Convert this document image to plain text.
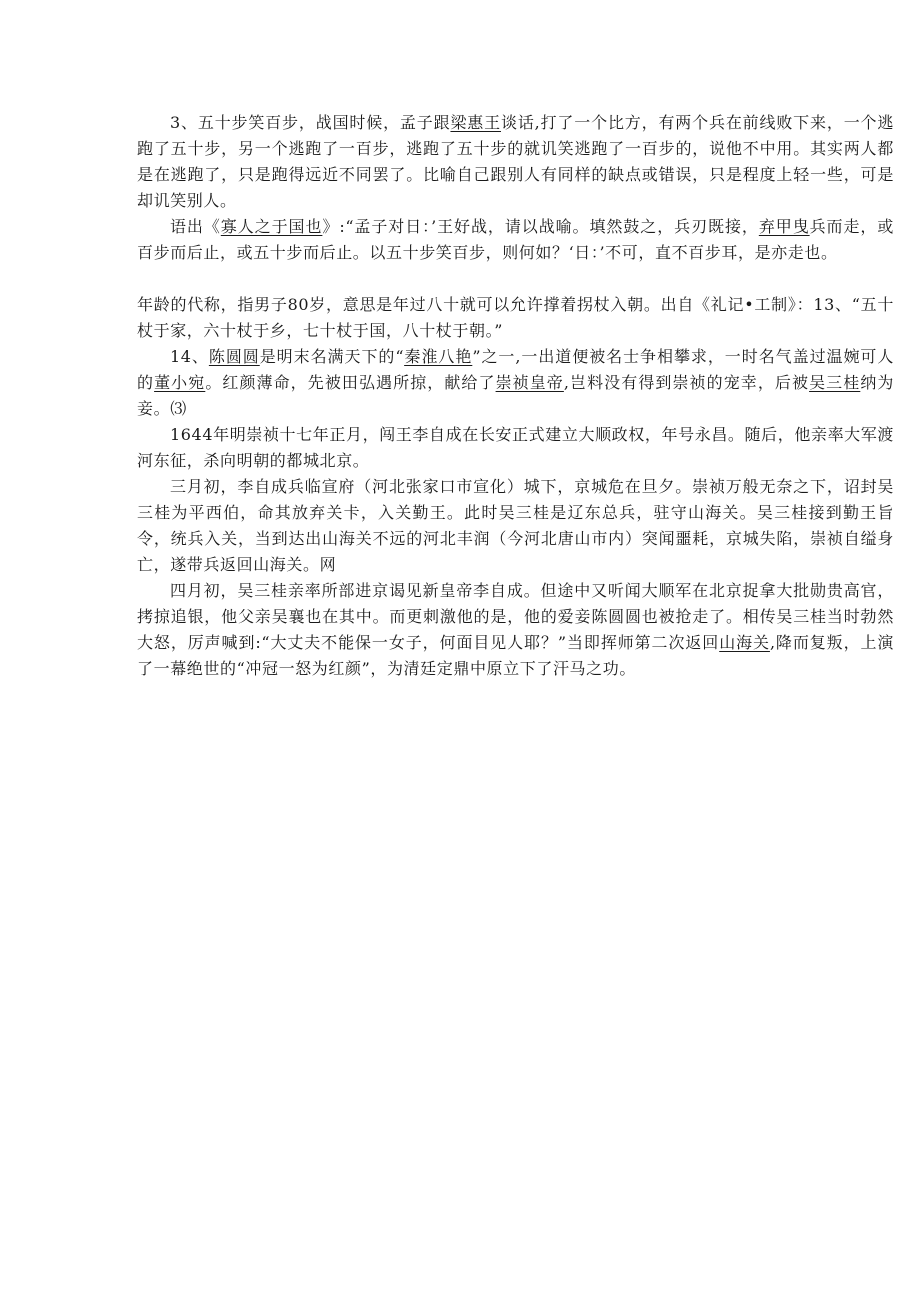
3、五十步笑百步，战国时候，孟子跟梁惠王谈话,打了一个比方，有两个兵在前线败下来，一个逃跑了五十步，另一个逃跑了一百步，逃跑了五十步的就讥笑逃跑了一百步的，说他不中用。其实两人都是在逃跑了，只是跑得远近不同罢了。比喻自己跟别人有同样的缺点或错误，只是程度上轻一些，可是却讥笑别人。

语出《寡人之于国也》:“孟子对日：’王好战，请以战喻。填然鼓之，兵刃既接，弃甲曳兵而走，或百步而后止，或五十步而后止。以五十步笑百步，则何如？‘日：’不可，直不百步耳，是亦走也。

年龄的代称，指男子80岁，意思是年过八十就可以允许撑着拐杖入朝。出自《礼记•工制》：13、“五十杖于家，六十杖于乡，七十杖于国，八十杖于朝。”

14、陈圆圆是明末名满天下的“秦淮八艳”之一,一出道便被名士争相攀求，一时名气盖过温婉可人的董小宛。红颜薄命，先被田弘遇所掠，献给了崇祯皇帝,岂料没有得到崇祯的宠幸，后被吴三桂纳为妾。⑶

1644年明崇祯十七年正月，闯王李自成在长安正式建立大顺政权，年号永昌。随后，他亲率大军渡河东征，杀向明朝的都城北京。

三月初，李自成兵临宣府（河北张家口市宣化）城下，京城危在旦夕。崇祯万般无奈之下，诏封吴三桂为平西伯，命其放弃关卡，入关勤王。此时吴三桂是辽东总兵，驻守山海关。吴三桂接到勤王旨令，统兵入关，当到达出山海关不远的河北丰润（今河北唐山市内）突闻噩耗，京城失陷，崇祯自缢身亡，遂带兵返回山海关。网

四月初，吴三桂亲率所部进京谒见新皇帝李自成。但途中又听闻大顺军在北京捉拿大批勋贵高官，拷掠追银，他父亲吴襄也在其中。而更刺激他的是，他的爱妾陈圆圆也被抢走了。相传吴三桂当时勃然大怒，厉声喊到:“大丈夫不能保一女子，何面目见人耶？”当即挥师第二次返回山海关,降而复叛，上演了一幕绝世的“冲冠一怒为红颜”，为清廷定鼎中原立下了汗马之功。
